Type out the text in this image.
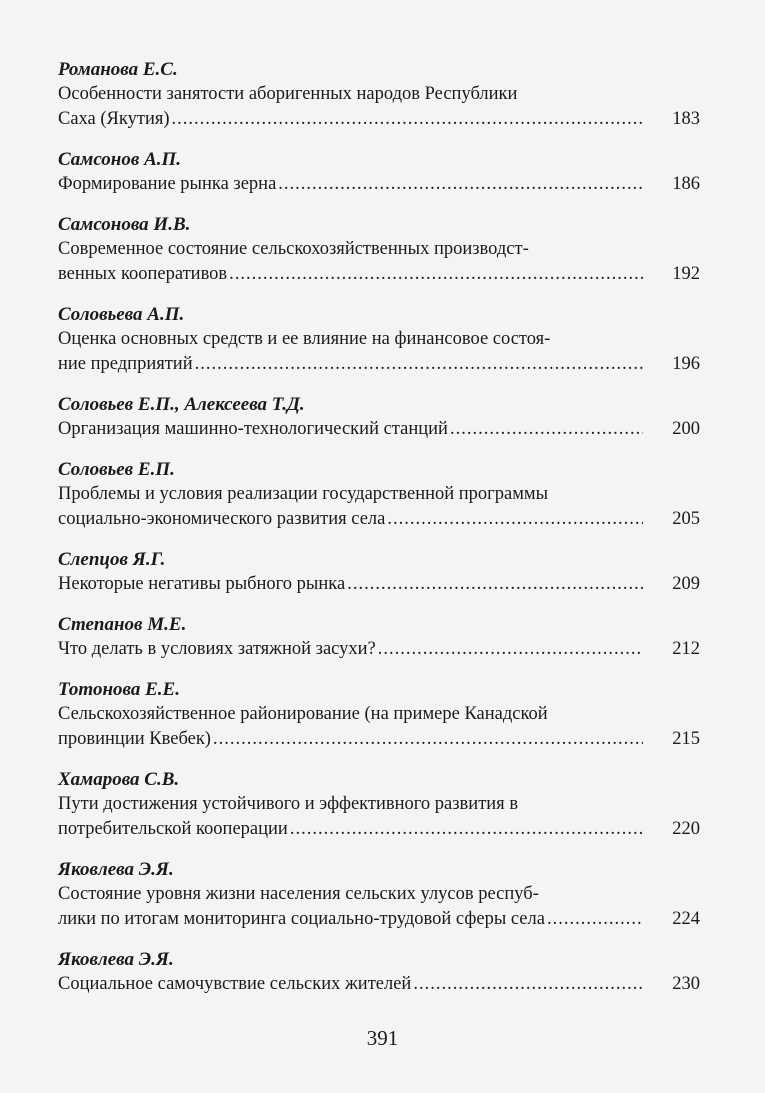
Романова Е.С.
Особенности занятости аборигенных народов Республики
Саха (Якутия) .....	183
Самсонов А.П.
Формирование рынка зерна .....	186
Самсонова И.В.
Современное состояние сельскохозяйственных производст-
венных кооперативов .....	192
Соловьева А.П.
Оценка основных средств и ее влияние на финансовое состоя-
ние предприятий .....	196
Соловьев Е.П., Алексеева Т.Д.
Организация машинно-технологический станций .....	200
Соловьев Е.П.
Проблемы и условия реализации государственной программы
социально-экономического развития села .....	205
Слепцов Я.Г.
Некоторые негативы рыбного рынка .....	209
Степанов М.Е.
Что делать в условиях затяжной засухи? .....	212
Тотонова Е.Е.
Сельскохозяйственное районирование (на примере Канадской
провинции Квебек) .....	215
Хамарова С.В.
Пути достижения устойчивого и эффективного развития в
потребительской кооперации .....	220
Яковлева Э.Я.
Состояние уровня жизни населения сельских улусов респуб-
лики по итогам мониторинга социально-трудовой сферы села .....	224
Яковлева Э.Я.
Социальное самочувствие сельских жителей .....	230
391
